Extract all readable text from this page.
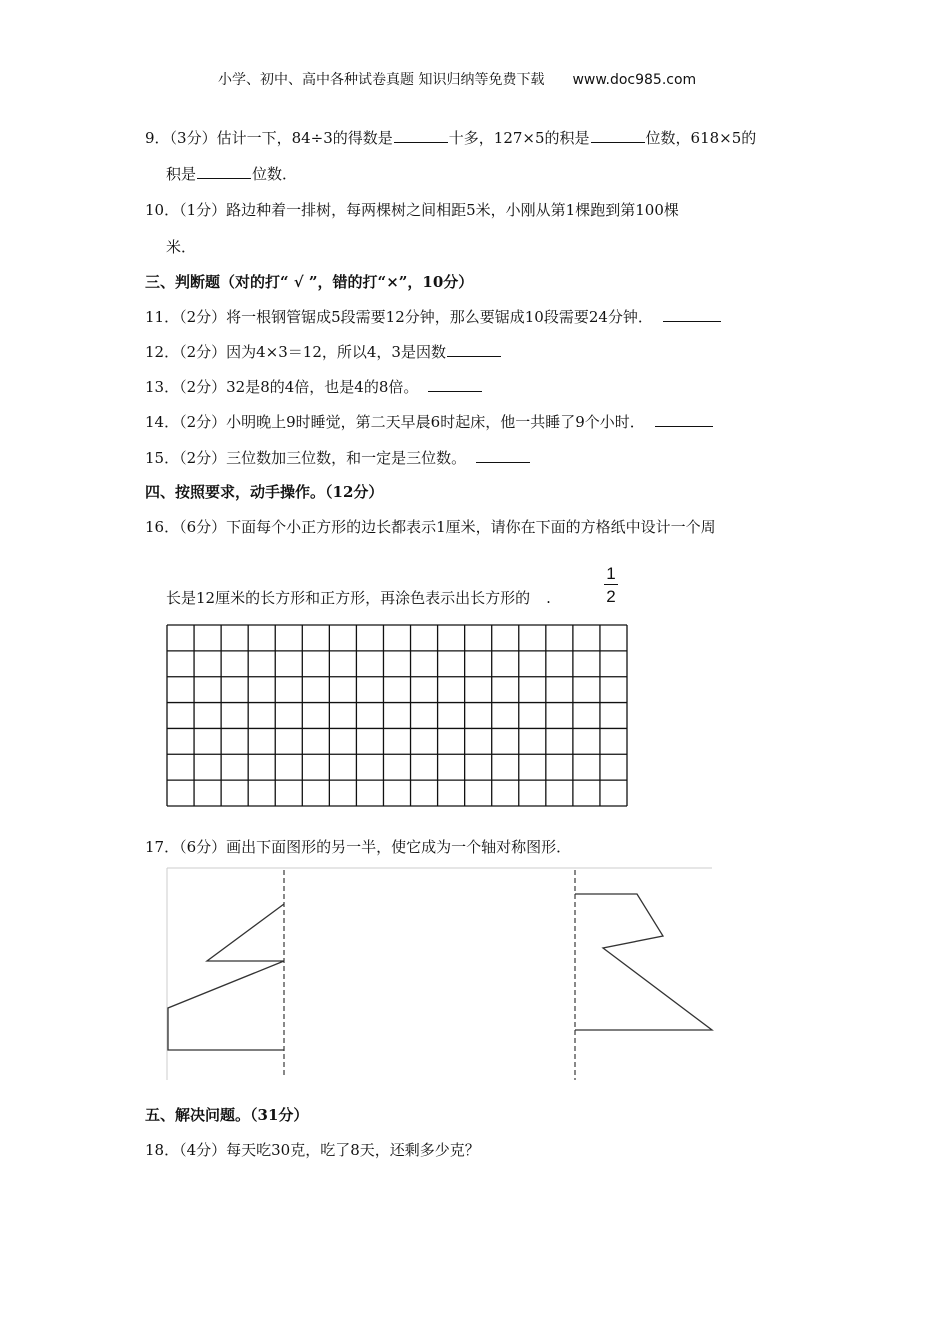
小学、初中、高中各种试卷真题 知识归纳等免费下载 www.doc985.com
9．（3分）估计一下，84÷3的得数是	十多，127×5的积是	位数，618×5的
积是	位数．
10．（1分）路边种着一排树，每两棵树之间相距5米，小刚从第1棵跑到第100棵
米．
三、判断题（对的打“ √ ”，错的打“×”，10分）
11．（2分）将一根钢管锯成5段需要12分钟，那么要锯成10段需要24分钟．
12．（2分）因为4×3＝12，所以4，3是因数
13．（2分）32是8的4倍，也是4的8倍。
14．（2分）小明晚上9时睡觉，第二天早晨6时起床，他一共睡了9个小时．
15．（2分）三位数加三位数，和一定是三位数。
四、按照要求，动手操作。（12分）
16．（6分）下面每个小正方形的边长都表示1厘米，请你在下面的方格纸中设计一个周
长是12厘米的长方形和正方形，再涂色表示出长方形的 .
1
2
17．（6分）画出下面图形的另一半，使它成为一个轴对称图形．
五、解决问题。（31分）
18．（4分）每天吃30克，吃了8天，还剩多少克？
